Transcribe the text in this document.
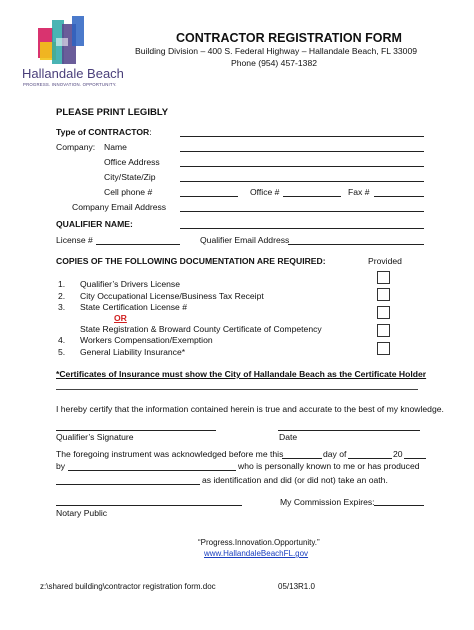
Hallandale Beach
PROGRESS. INNOVATION. OPPORTUNITY.
CONTRACTOR REGISTRATION FORM
Building Division – 400 S. Federal Highway – Hallandale Beach, FL 33009
Phone (954) 457-1382
PLEASE PRINT LEGIBLY
Type of CONTRACTOR:
Company: Name
Office Address
City/State/Zip
Cell phone #	Office #	Fax #
Company Email Address
QUALIFIER NAME:
License #	Qualifier Email Address
COPIES OF THE FOLLOWING DOCUMENTATION ARE REQUIRED:	Provided
1. Qualifier’s Drivers License
2. City Occupational License/Business Tax Receipt
3. State Certification License #
OR
State Registration & Broward County Certificate of Competency
4. Workers Compensation/Exemption
5. General Liability Insurance*
*Certificates of Insurance must show the City of Hallandale Beach as the Certificate Holder
I hereby certify that the information contained herein is true and accurate to the best of my knowledge.
Qualifier’s Signature	Date
The foregoing instrument was acknowledged before me this	day of	20
by	who is personally known to me or has produced
as identification and did (or did not) take an oath.
My Commission Expires:
Notary Public
“Progress.Innovation.Opportunity.”
www.HallandaleBeachFL.gov
z:\shared building\contractor registration form.doc	05/13R1.0
